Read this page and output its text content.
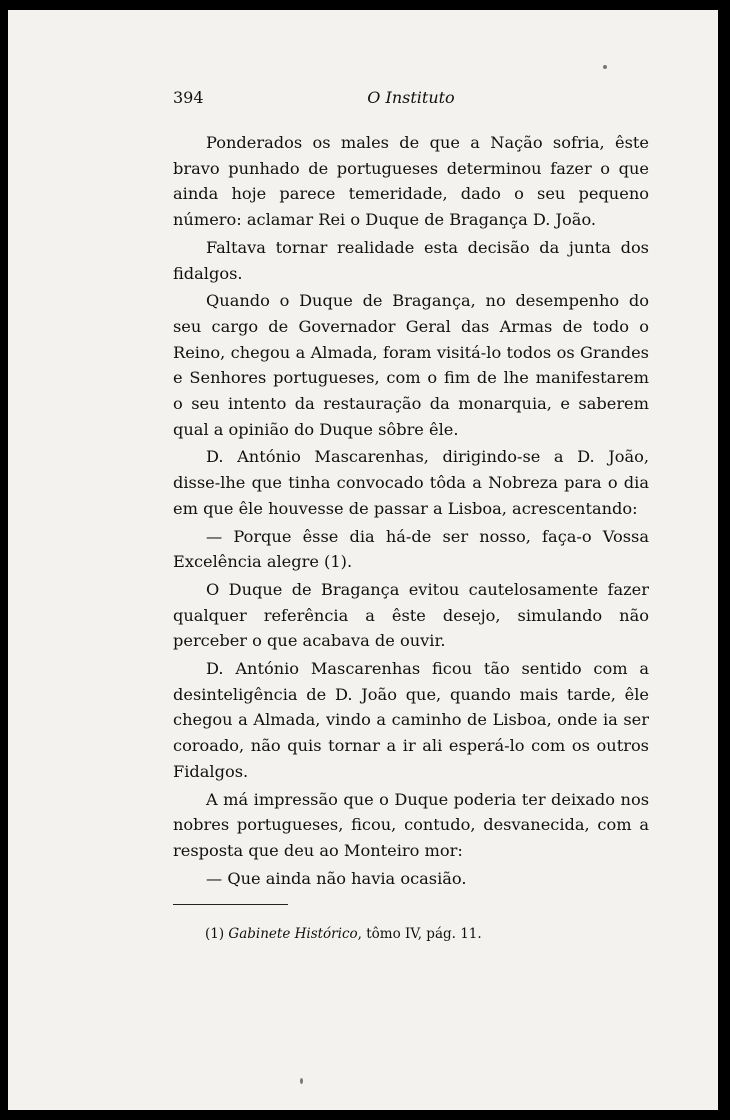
394	O Instituto

Ponderados os males de que a Nação sofria, êste bravo punhado de portugueses determinou fazer o que ainda hoje parece temeridade, dado o seu pequeno número: aclamar Rei o Duque de Bragança D. João.

Faltava tornar realidade esta decisão da junta dos fidalgos.

Quando o Duque de Bragança, no desempenho do seu cargo de Governador Geral das Armas de todo o Reino, chegou a Almada, foram visitá-lo todos os Grandes e Senhores portugueses, com o fim de lhe manifestarem o seu intento da restauração da monarquia, e saberem qual a opinião do Duque sôbre êle.

D. António Mascarenhas, dirigindo-se a D. João, disse-lhe que tinha convocado tôda a Nobreza para o dia em que êle houvesse de passar a Lisboa, acrescentando:

— Porque êsse dia há-de ser nosso, faça-o Vossa Excelência alegre (1).

O Duque de Bragança evitou cautelosamente fazer qualquer referência a êste desejo, simulando não perceber o que acabava de ouvir.

D. António Mascarenhas ficou tão sentido com a desinteligência de D. João que, quando mais tarde, êle chegou a Almada, vindo a caminho de Lisboa, onde ia ser coroado, não quis tornar a ir ali esperá-lo com os outros Fidalgos.

A má impressão que o Duque poderia ter deixado nos nobres portugueses, ficou, contudo, desvanecida, com a resposta que deu ao Monteiro mor:

— Que ainda não havia ocasião.

(1) Gabinete Histórico, tômo IV, pág. 11.
